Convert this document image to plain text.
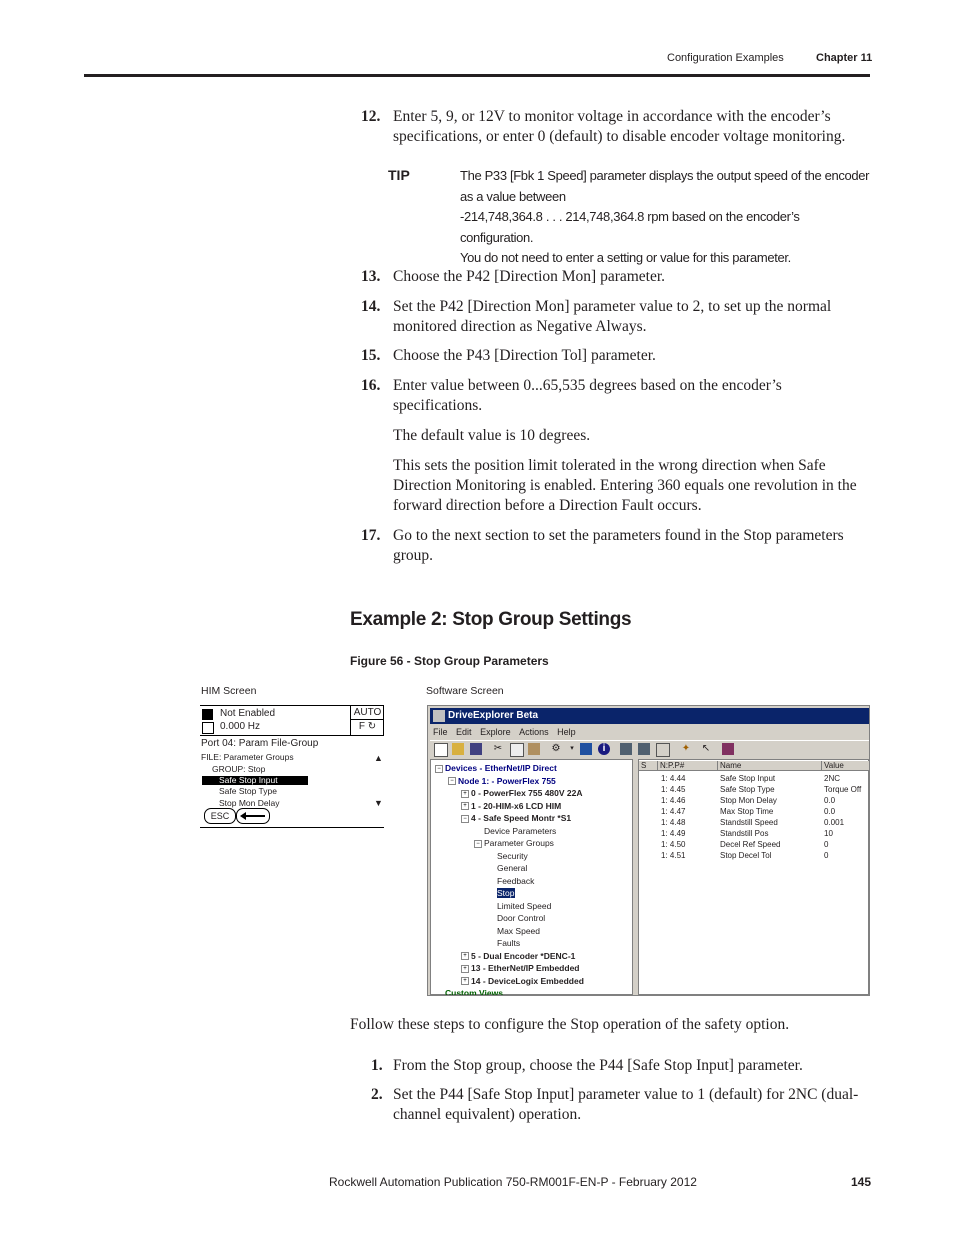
Configuration Examples	Chapter 11
12. Enter 5, 9, or 12V to monitor voltage in accordance with the encoder’s specifications, or enter 0 (default) to disable encoder voltage monitoring.
TIP	The P33 [Fbk 1 Speed] parameter displays the output speed of the encoder as a value between
-214,748,364.8 . . . 214,748,364.8 rpm based on the encoder’s configuration.
You do not need to enter a setting or value for this parameter.
13. Choose the P42 [Direction Mon] parameter.
14. Set the P42 [Direction Mon] parameter value to 2, to set up the normal monitored direction as Negative Always.
15. Choose the P43 [Direction Tol] parameter.
16. Enter value between 0...65,535 degrees based on the encoder’s specifications.
The default value is 10 degrees.
This sets the position limit tolerated in the wrong direction when Safe Direction Monitoring is enabled. Entering 360 equals one revolution in the forward direction before a Direction Fault occurs.
17. Go to the next section to set the parameters found in the Stop parameters group.
Example 2: Stop Group Settings
Figure 56 - Stop Group Parameters
HIM Screen	Software Screen
Not Enabled
0.000 Hz
AUTO
F ↻
Port 04: Param File-Group
FILE: Parameter Groups
GROUP: Stop
Safe Stop Input
Safe Stop Type
Stop Mon Delay
▲
▼
ESC
DriveExplorer Beta
File Edit Explore Actions Help
✂	⚙	▾	i	✦ ↖
− Devices - EtherNet/IP Direct
− Node 1: - PowerFlex 755
+ 0 - PowerFlex 755 480V 22A
+ 1 - 20-HIM-x6 LCD HIM
− 4 - Safe Speed Montr *S1
Device Parameters
− Parameter Groups
Security
General
Feedback
Stop
Limited Speed
Door Control
Max Speed
Faults
+ 5 - Dual Encoder *DENC-1
+ 13 - EtherNet/IP Embedded
+ 14 - DeviceLogix Embedded
Custom Views
S	N:P.P#	Name	Value
1: 4.44	Safe Stop Input	2NC
1: 4.45	Safe Stop Type	Torque Off
1: 4.46	Stop Mon Delay	0.0
1: 4.47	Max Stop Time	0.0
1: 4.48	Standstill Speed	0.001
1: 4.49	Standstill Pos	10
1: 4.50	Decel Ref Speed	0
1: 4.51	Stop Decel Tol	0
Follow these steps to configure the Stop operation of the safety option.
1. From the Stop group, choose the P44 [Safe Stop Input] parameter.
2. Set the P44 [Safe Stop Input] parameter value to 1 (default) for 2NC (dual-channel equivalent) operation.
Rockwell Automation Publication 750-RM001F-EN-P - February 2012	145
